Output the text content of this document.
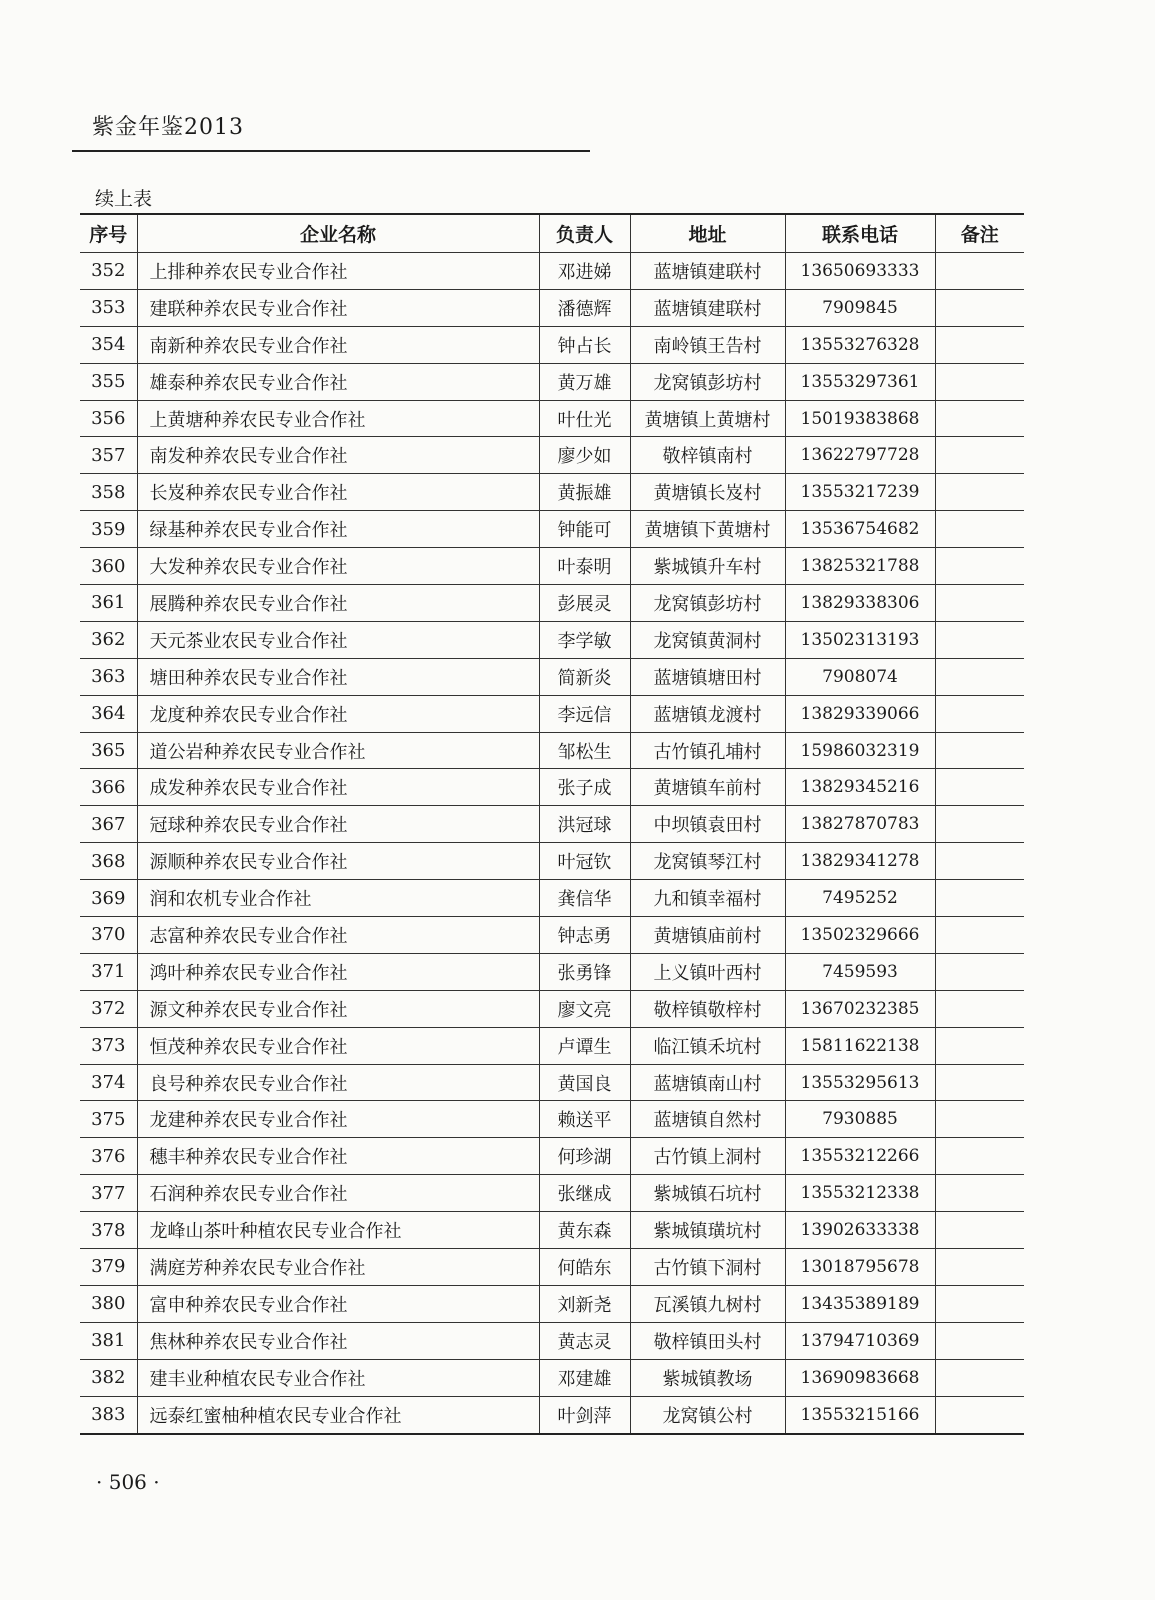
紫金年鉴2013
续上表
序号	企业名称	负责人	地址	联系电话	备注
352	上排种养农民专业合作社	邓进娣	蓝塘镇建联村	13650693333	
353	建联种养农民专业合作社	潘德辉	蓝塘镇建联村	7909845	
354	南新种养农民专业合作社	钟占长	南岭镇王告村	13553276328	
355	雄泰种养农民专业合作社	黄万雄	龙窝镇彭坊村	13553297361	
356	上黄塘种养农民专业合作社	叶仕光	黄塘镇上黄塘村	15019383868	
357	南发种养农民专业合作社	廖少如	敬梓镇南村	13622797728	
358	长岌种养农民专业合作社	黄振雄	黄塘镇长岌村	13553217239	
359	绿基种养农民专业合作社	钟能可	黄塘镇下黄塘村	13536754682	
360	大发种养农民专业合作社	叶泰明	紫城镇升车村	13825321788	
361	展腾种养农民专业合作社	彭展灵	龙窝镇彭坊村	13829338306	
362	天元茶业农民专业合作社	李学敏	龙窝镇黄洞村	13502313193	
363	塘田种养农民专业合作社	简新炎	蓝塘镇塘田村	7908074	
364	龙度种养农民专业合作社	李远信	蓝塘镇龙渡村	13829339066	
365	道公岩种养农民专业合作社	邹松生	古竹镇孔埔村	15986032319	
366	成发种养农民专业合作社	张子成	黄塘镇车前村	13829345216	
367	冠球种养农民专业合作社	洪冠球	中坝镇袁田村	13827870783	
368	源顺种养农民专业合作社	叶冠钦	龙窝镇琴江村	13829341278	
369	润和农机专业合作社	龚信华	九和镇幸福村	7495252	
370	志富种养农民专业合作社	钟志勇	黄塘镇庙前村	13502329666	
371	鸿叶种养农民专业合作社	张勇锋	上义镇叶西村	7459593	
372	源文种养农民专业合作社	廖文亮	敬梓镇敬梓村	13670232385	
373	恒茂种养农民专业合作社	卢谭生	临江镇禾坑村	15811622138	
374	良号种养农民专业合作社	黄国良	蓝塘镇南山村	13553295613	
375	龙建种养农民专业合作社	赖送平	蓝塘镇自然村	7930885	
376	穗丰种养农民专业合作社	何珍湖	古竹镇上洞村	13553212266	
377	石润种养农民专业合作社	张继成	紫城镇石坑村	13553212338	
378	龙峰山茶叶种植农民专业合作社	黄东森	紫城镇璜坑村	13902633338	
379	满庭芳种养农民专业合作社	何皓东	古竹镇下洞村	13018795678	
380	富申种养农民专业合作社	刘新尧	瓦溪镇九树村	13435389189	
381	焦林种养农民专业合作社	黄志灵	敬梓镇田头村	13794710369	
382	建丰业种植农民专业合作社	邓建雄	紫城镇教场	13690983668	
383	远泰红蜜柚种植农民专业合作社	叶剑萍	龙窝镇公村	13553215166	
· 506 ·
